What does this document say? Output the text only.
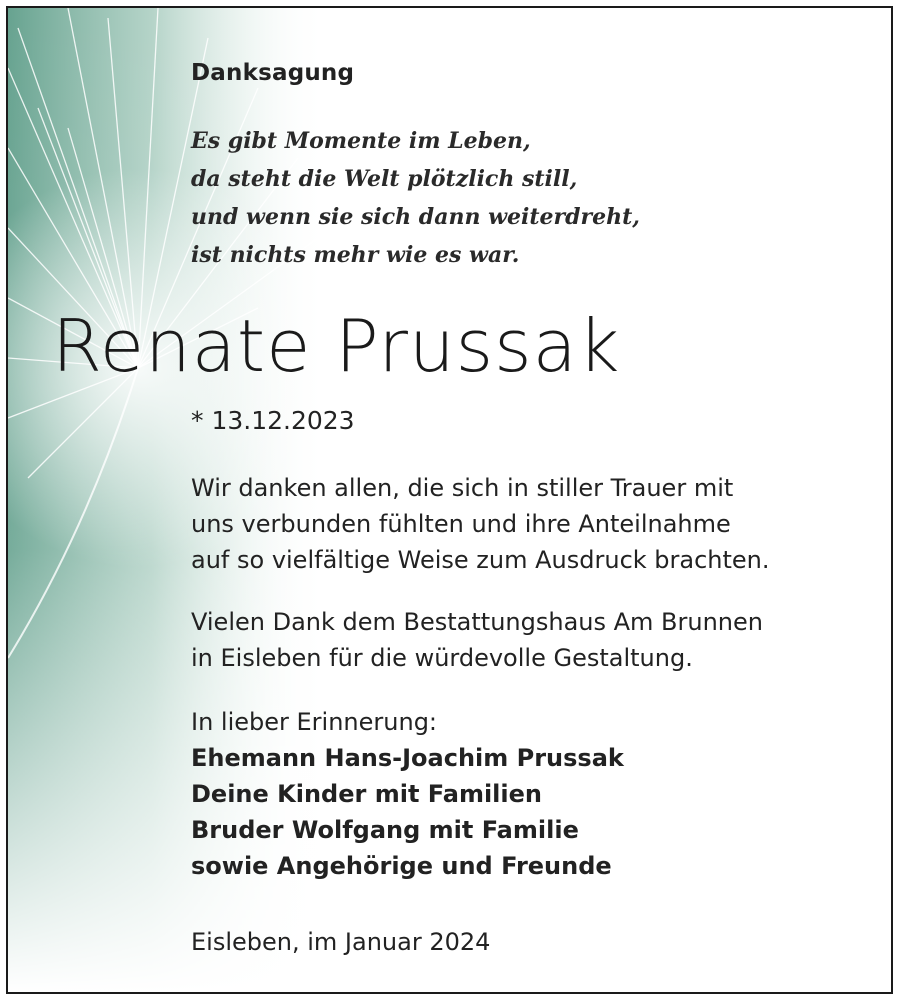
Danksagung
Es gibt Momente im Leben,
da steht die Welt plötzlich still,
und wenn sie sich dann weiterdreht,
ist nichts mehr wie es war.
Renate Prussak
* 13.12.2023
Wir danken allen, die sich in stiller Trauer mit
uns verbunden fühlten und ihre Anteilnahme
auf so vielfältige Weise zum Ausdruck brachten.
Vielen Dank dem Bestattungshaus Am Brunnen
in Eisleben für die würdevolle Gestaltung.
In lieber Erinnerung:
Ehemann Hans-Joachim Prussak
Deine Kinder mit Familien
Bruder Wolfgang mit Familie
sowie Angehörige und Freunde
Eisleben, im Januar 2024
